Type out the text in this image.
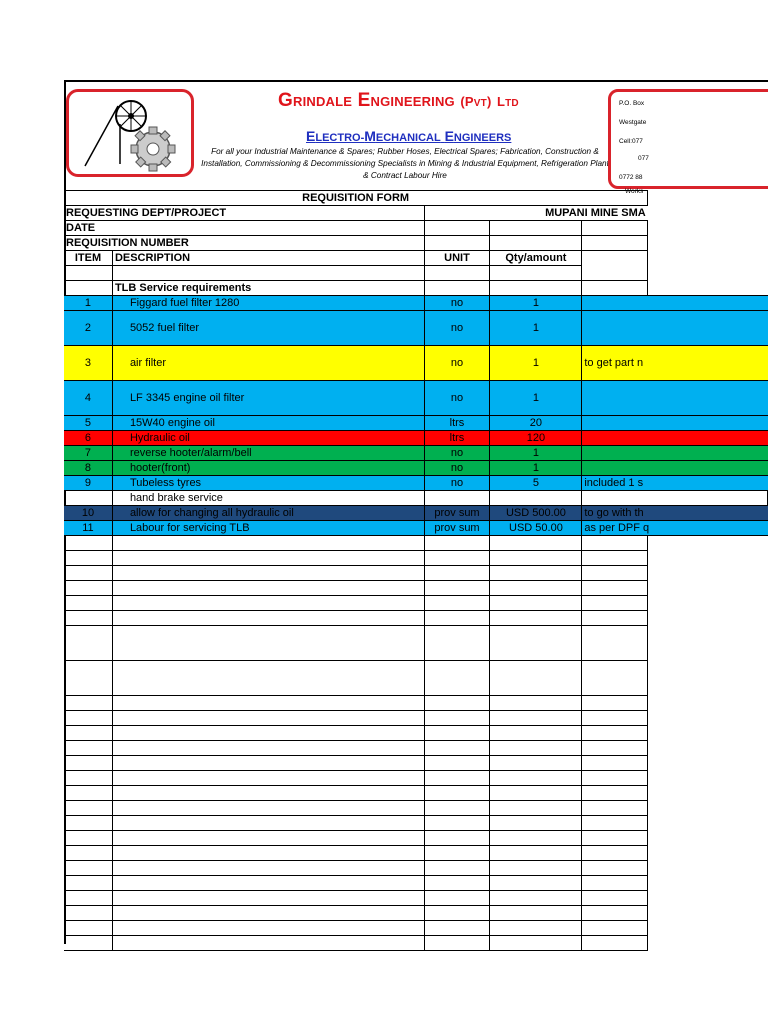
GRINDALE ENGINEERING (PVT) LTD
ELECTRO-MECHANICAL ENGINEERS
For all your Industrial Maintenance & Spares; Rubber Hoses, Electrical Spares; Fabrication, Construction & Installation, Commissioning & Decommissioning Specialists in Mining & Industrial Equipment, Refrigeration Plant & Contract Labour Hire
P.O. Box
Westgate
Cell:077
077
0772 88
Works
REQUISITION FORM					
REQUESTING DEPT/PROJECT		MUPANI MINE SMA			
DATE					
REQUISITION NUMBER					
ITEM	DESCRIPTION	UNIT	Qty/amount		

	TLB Service requirements				
1	Figgard fuel filter 1280	no	1		
2	5052 fuel filter	no	1		
3	air filter	no	1	to get part n	
4	LF 3345 engine oil filter	no	1		
5	15W40 engine oil	ltrs	20		
6	Hydraulic oil	ltrs	120		
7	reverse hooter/alarm/bell	no	1		
8	hooter(front)	no	1		
9	Tubeless tyres	no	5	included 1 s	
	hand brake service				
10	allow for changing all hydraulic oil	prov sum	USD 500.00	to go with th	
11	Labour for servicing TLB	prov sum	USD 50.00	as per DPF q	
